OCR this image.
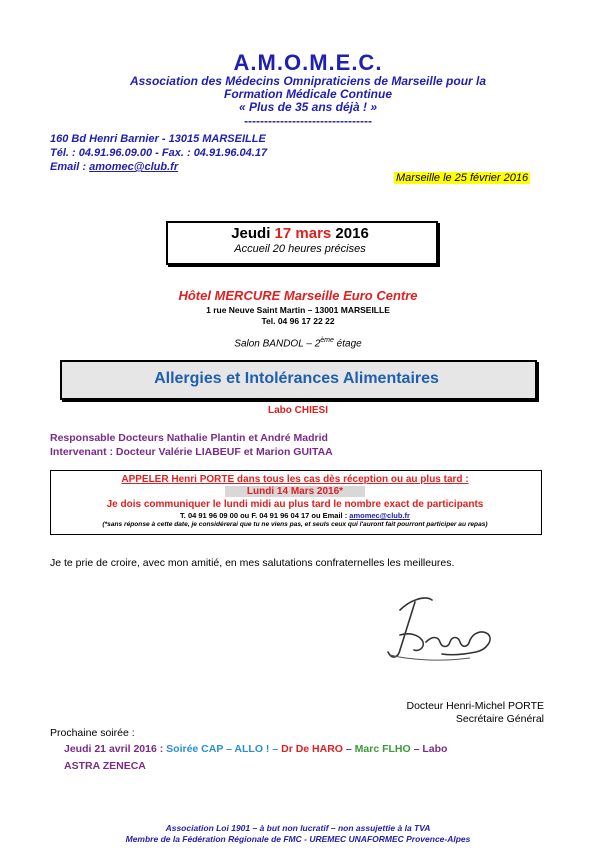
A.M.O.M.E.C.
Association des Médecins Omnipraticiens de Marseille pour la
Formation Médicale Continue
« Plus de 35 ans déjà ! »
--------------------------------
160 Bd Henri Barnier - 13015 MARSEILLE
Tél. : 04.91.96.09.00 - Fax. : 04.91.96.04.17
Email : amomec@club.fr
Marseille le 25 février 2016
Jeudi 17 mars 2016
Accueil 20 heures précises
Hôtel MERCURE Marseille Euro Centre
1 rue Neuve Saint Martin – 13001 MARSEILLE
Tel. 04 96 17 22 22
Salon BANDOL – 2ème étage
Allergies et Intolérances Alimentaires
Labo CHIESI
Responsable Docteurs Nathalie Plantin et André Madrid
Intervenant : Docteur Valérie LIABEUF et Marion GUITAA
APPELER Henri PORTE dans tous les cas dès réception ou au plus tard :
Lundi 14 Mars 2016*
Je dois communiquer le lundi midi au plus tard le nombre exact de participants
T. 04 91 96 09 00 ou F. 04 91 96 04 17 ou Email : amomec@club.fr
(*sans réponse à cette date, je considérerai que tu ne viens pas, et seuls ceux qui l'auront fait pourront participer au repas)
Je te prie de croire, avec mon amitié, en mes salutations confraternelles les meilleures.
Docteur Henri-Michel PORTE
Secrétaire Général
Prochaine soirée :
Jeudi 21 avril 2016 : Soirée CAP – ALLO ! – Dr De HARO – Marc FLHO – Labo
ASTRA ZENECA
Association Loi 1901 – à but non lucratif – non assujettie à la TVA
Membre de la Fédération Régionale de FMC - UREMEC UNAFORMEC Provence-Alpes
